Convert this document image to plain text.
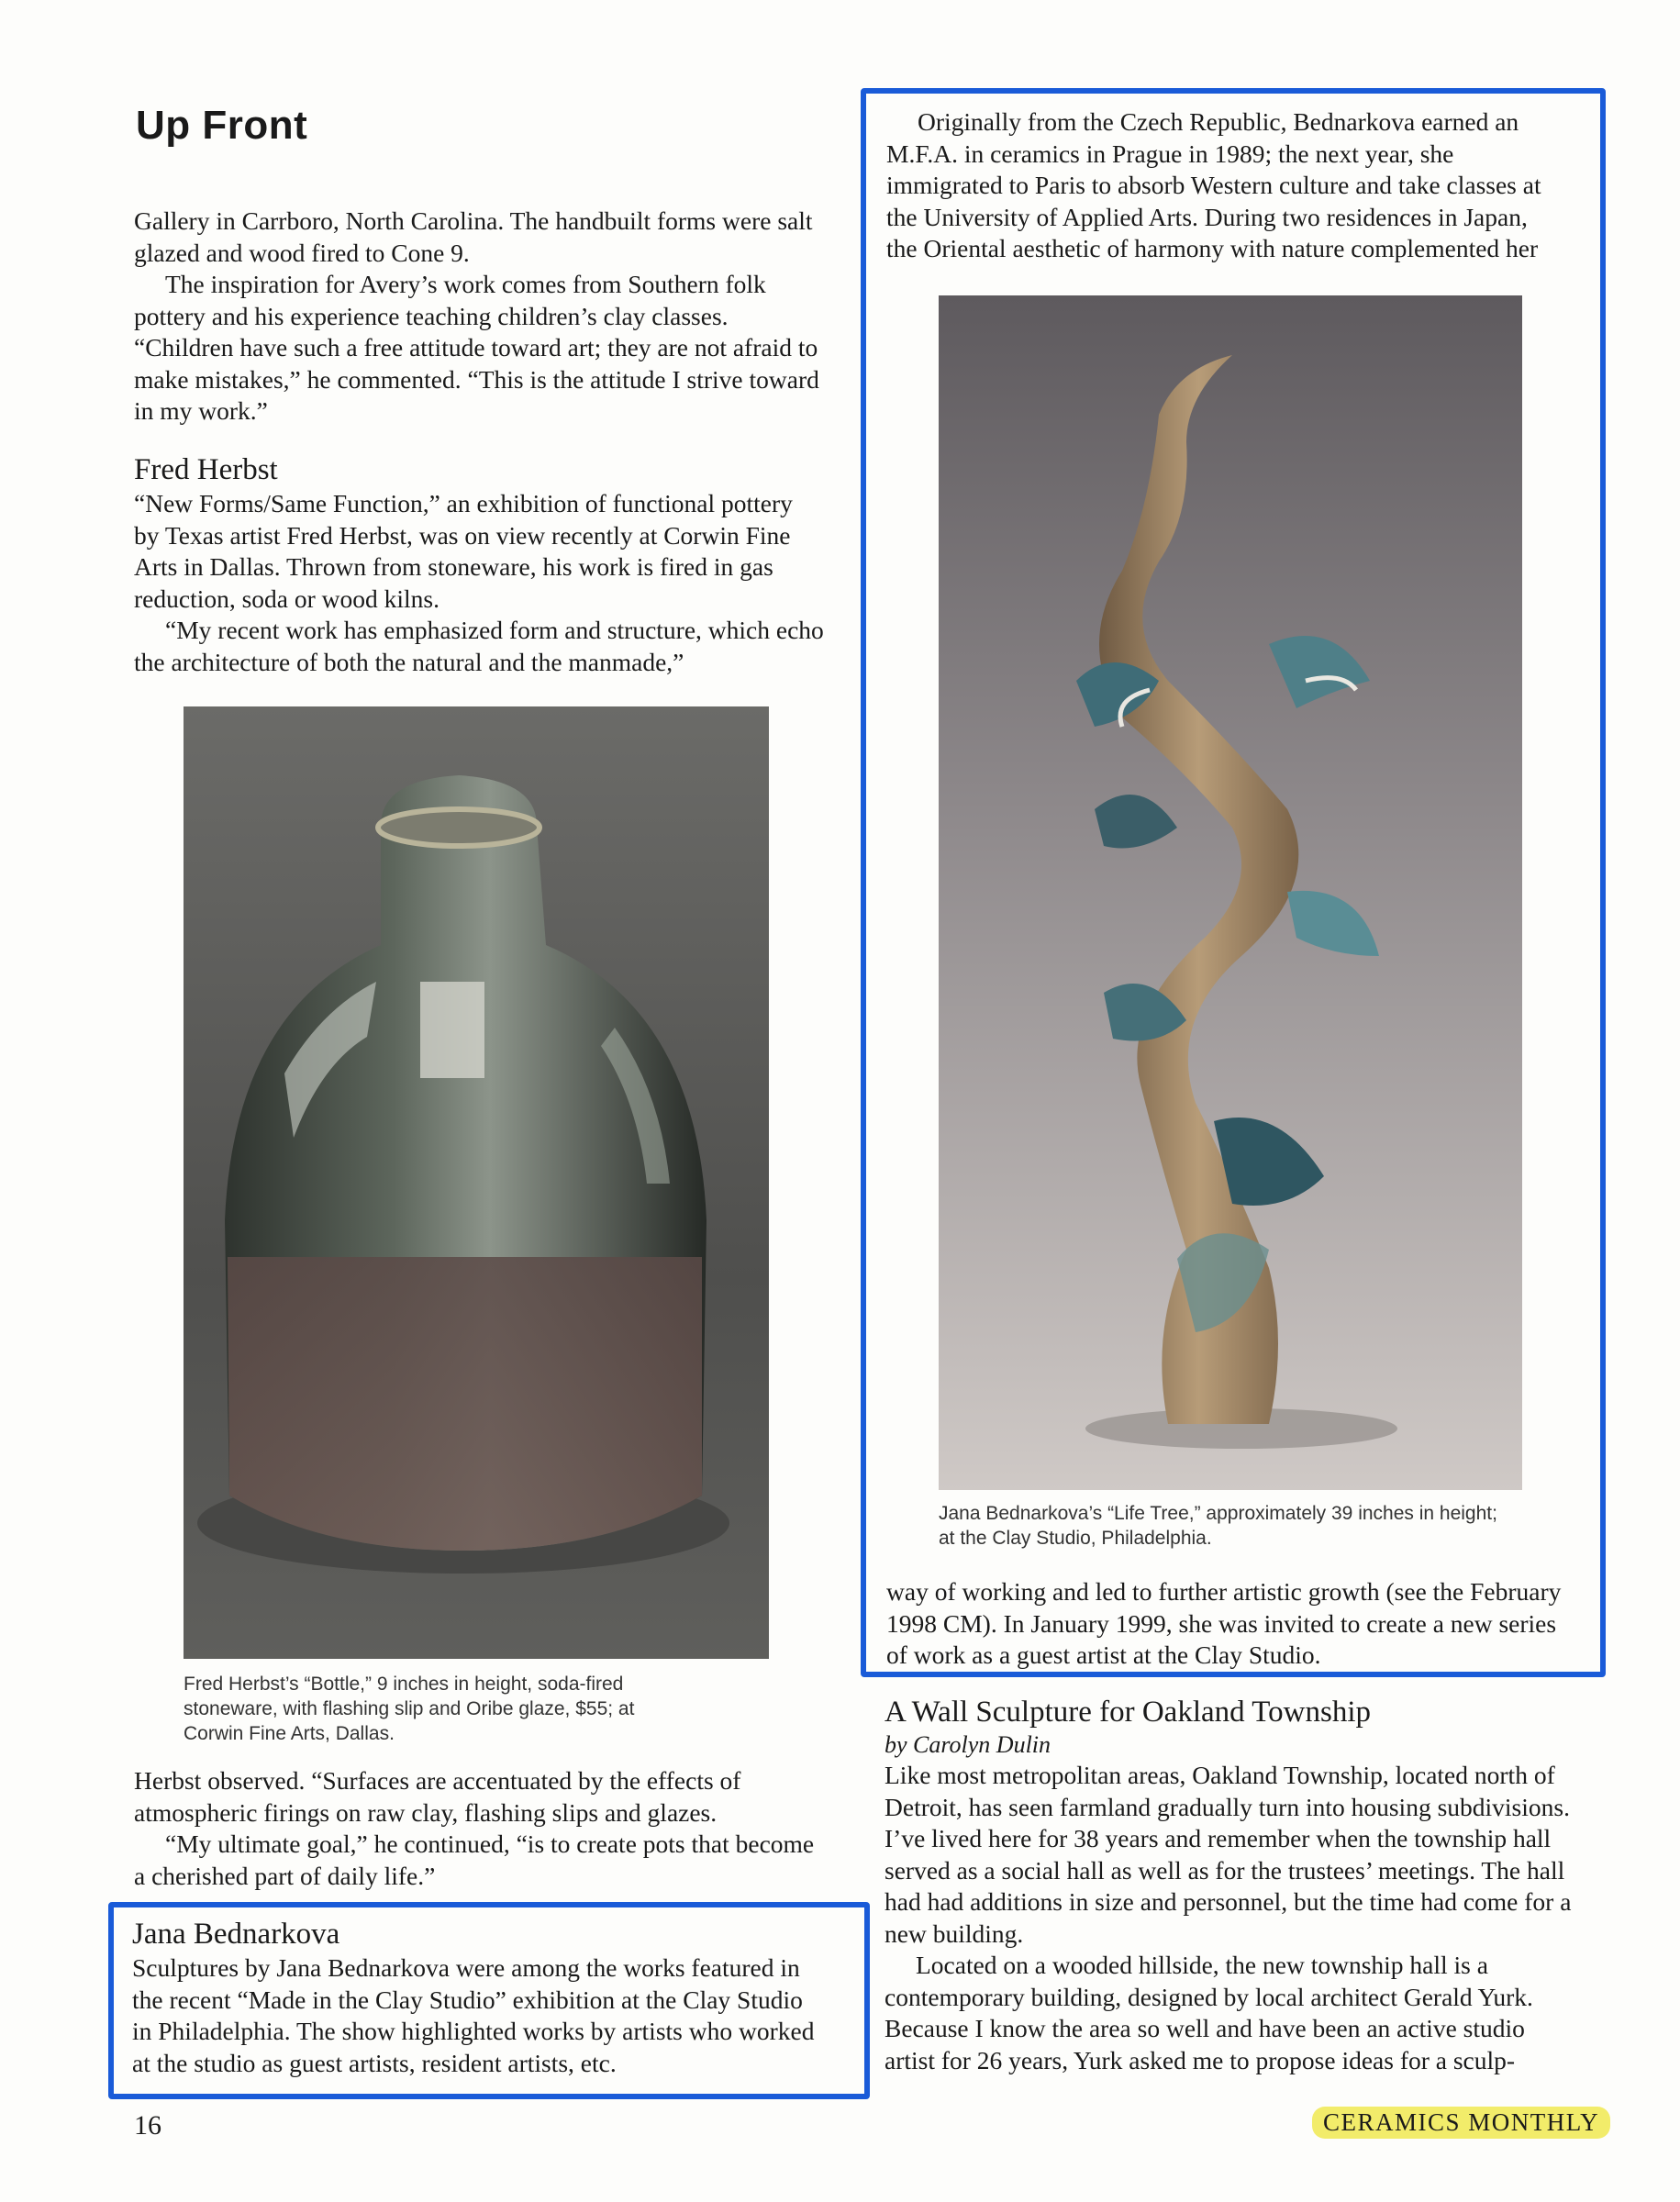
Up Front

Gallery in Carrboro, North Carolina. The handbuilt forms were salt glazed and wood fired to Cone 9.

The inspiration for Avery’s work comes from Southern folk pottery and his experience teaching children’s clay classes. “Children have such a free attitude toward art; they are not afraid to make mistakes,” he commented. “This is the attitude I strive toward in my work.”

Fred Herbst

“New Forms/Same Function,” an exhibition of functional pottery by Texas artist Fred Herbst, was on view recently at Corwin Fine Arts in Dallas. Thrown from stoneware, his work is fired in gas reduction, soda or wood kilns.

“My recent work has emphasized form and structure, which echo the architecture of both the natural and the manmade,”

Fred Herbst’s “Bottle,” 9 inches in height, soda-fired stoneware, with flashing slip and Oribe glaze, $55; at Corwin Fine Arts, Dallas.

Herbst observed. “Surfaces are accentuated by the effects of atmospheric firings on raw clay, flashing slips and glazes.

“My ultimate goal,” he continued, “is to create pots that become a cherished part of daily life.”

Jana Bednarkova

Sculptures by Jana Bednarkova were among the works featured in the recent “Made in the Clay Studio” exhibition at the Clay Studio in Philadelphia. The show highlighted works by artists who worked at the studio as guest artists, resident artists, etc.

Originally from the Czech Republic, Bednarkova earned an M.F.A. in ceramics in Prague in 1989; the next year, she immigrated to Paris to absorb Western culture and take classes at the University of Applied Arts. During two residences in Japan, the Oriental aesthetic of harmony with nature complemented her

Jana Bednarkova’s “Life Tree,” approximately 39 inches in height; at the Clay Studio, Philadelphia.

way of working and led to further artistic growth (see the February 1998 CM). In January 1999, she was invited to create a new series of work as a guest artist at the Clay Studio.

A Wall Sculpture for Oakland Township
by Carolyn Dulin

Like most metropolitan areas, Oakland Township, located north of Detroit, has seen farmland gradually turn into housing subdivisions. I’ve lived here for 38 years and remember when the township hall served as a social hall as well as for the trustees’ meetings. The hall had had additions in size and personnel, but the time had come for a new building.

Located on a wooded hillside, the new township hall is a contemporary building, designed by local architect Gerald Yurk. Because I know the area so well and have been an active studio artist for 26 years, Yurk asked me to propose ideas for a sculp-

16	CERAMICS MONTHLY
